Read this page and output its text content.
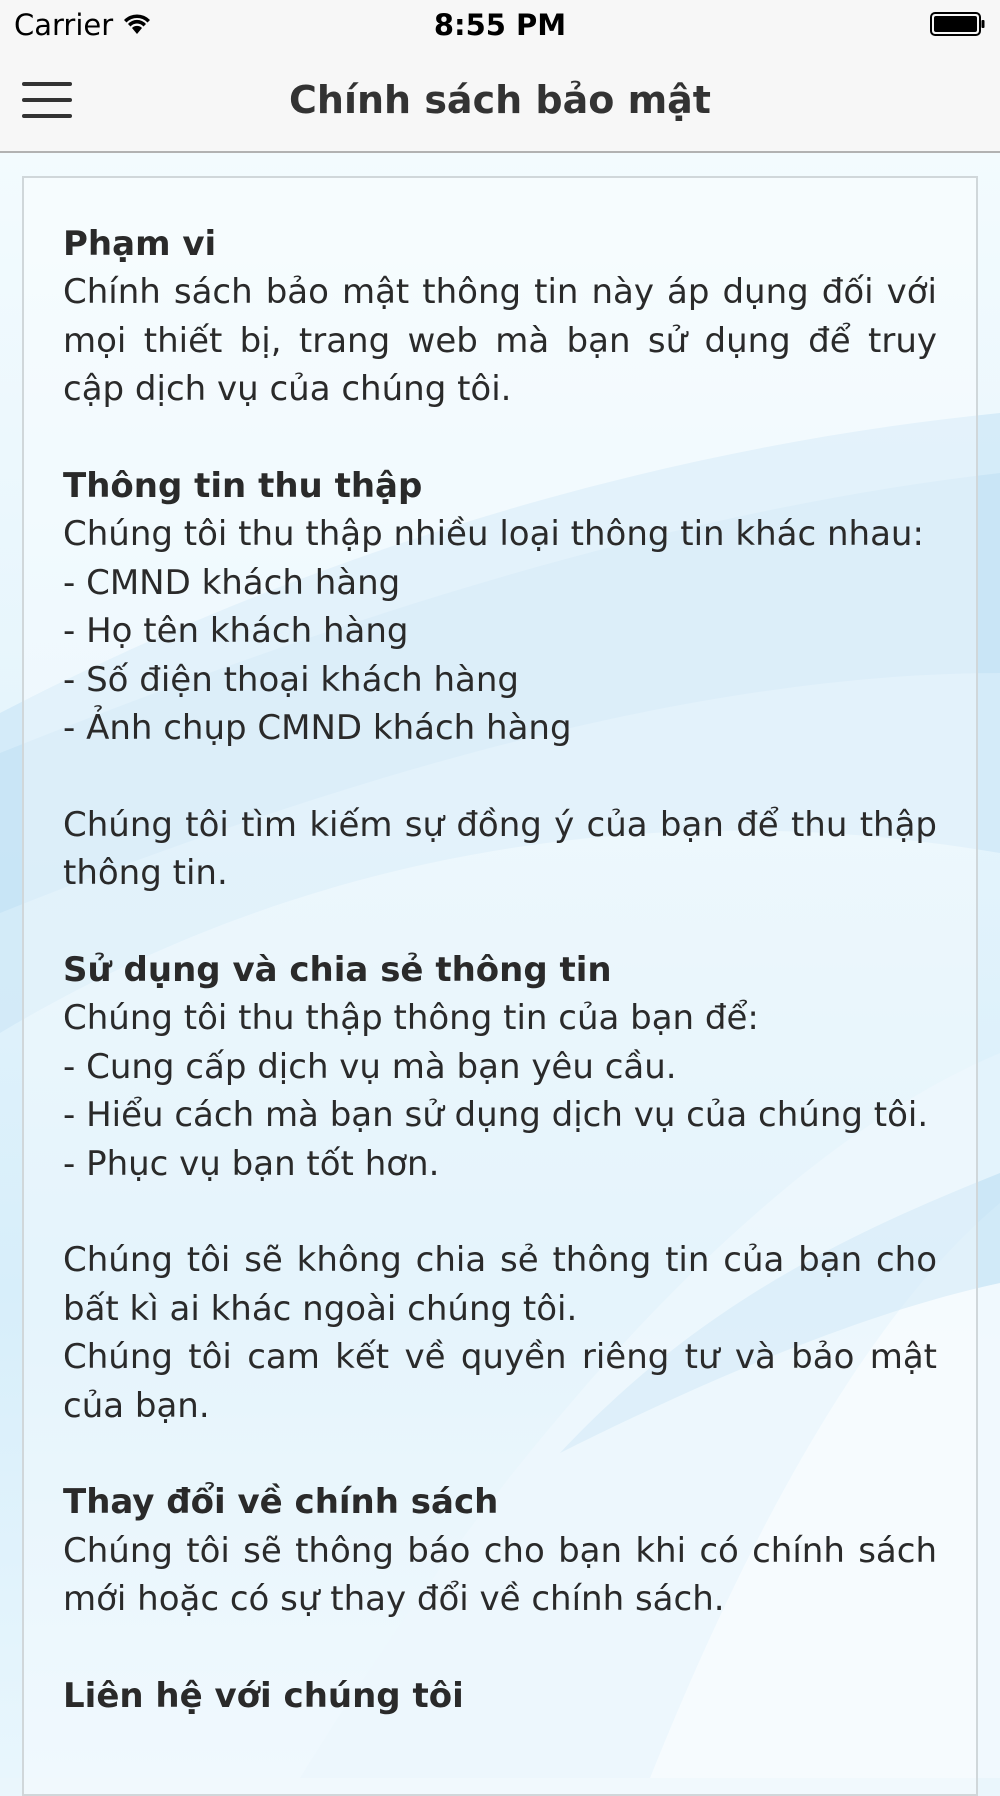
Carrier	8:55 PM
Chính sách bảo mật

Phạm vi

Chính sách bảo mật thông tin này áp dụng đối với mọi thiết bị, trang web mà bạn sử dụng để truy cập dịch vụ của chúng tôi.

Thông tin thu thập

Chúng tôi thu thập nhiều loại thông tin khác nhau:

- CMND khách hàng

- Họ tên khách hàng

- Số điện thoại khách hàng

- Ảnh chụp CMND khách hàng

Chúng tôi tìm kiếm sự đồng ý của bạn để thu thập thông tin.

Sử dụng và chia sẻ thông tin

Chúng tôi thu thập thông tin của bạn để:

- Cung cấp dịch vụ mà bạn yêu cầu.

- Hiểu cách mà bạn sử dụng dịch vụ của chúng tôi.

- Phục vụ bạn tốt hơn.

Chúng tôi sẽ không chia sẻ thông tin của bạn cho bất kì ai khác ngoài chúng tôi.

Chúng tôi cam kết về quyền riêng tư và bảo mật của bạn.

Thay đổi về chính sách

Chúng tôi sẽ thông báo cho bạn khi có chính sách mới hoặc có sự thay đổi về chính sách.

Liên hệ với chúng tôi
